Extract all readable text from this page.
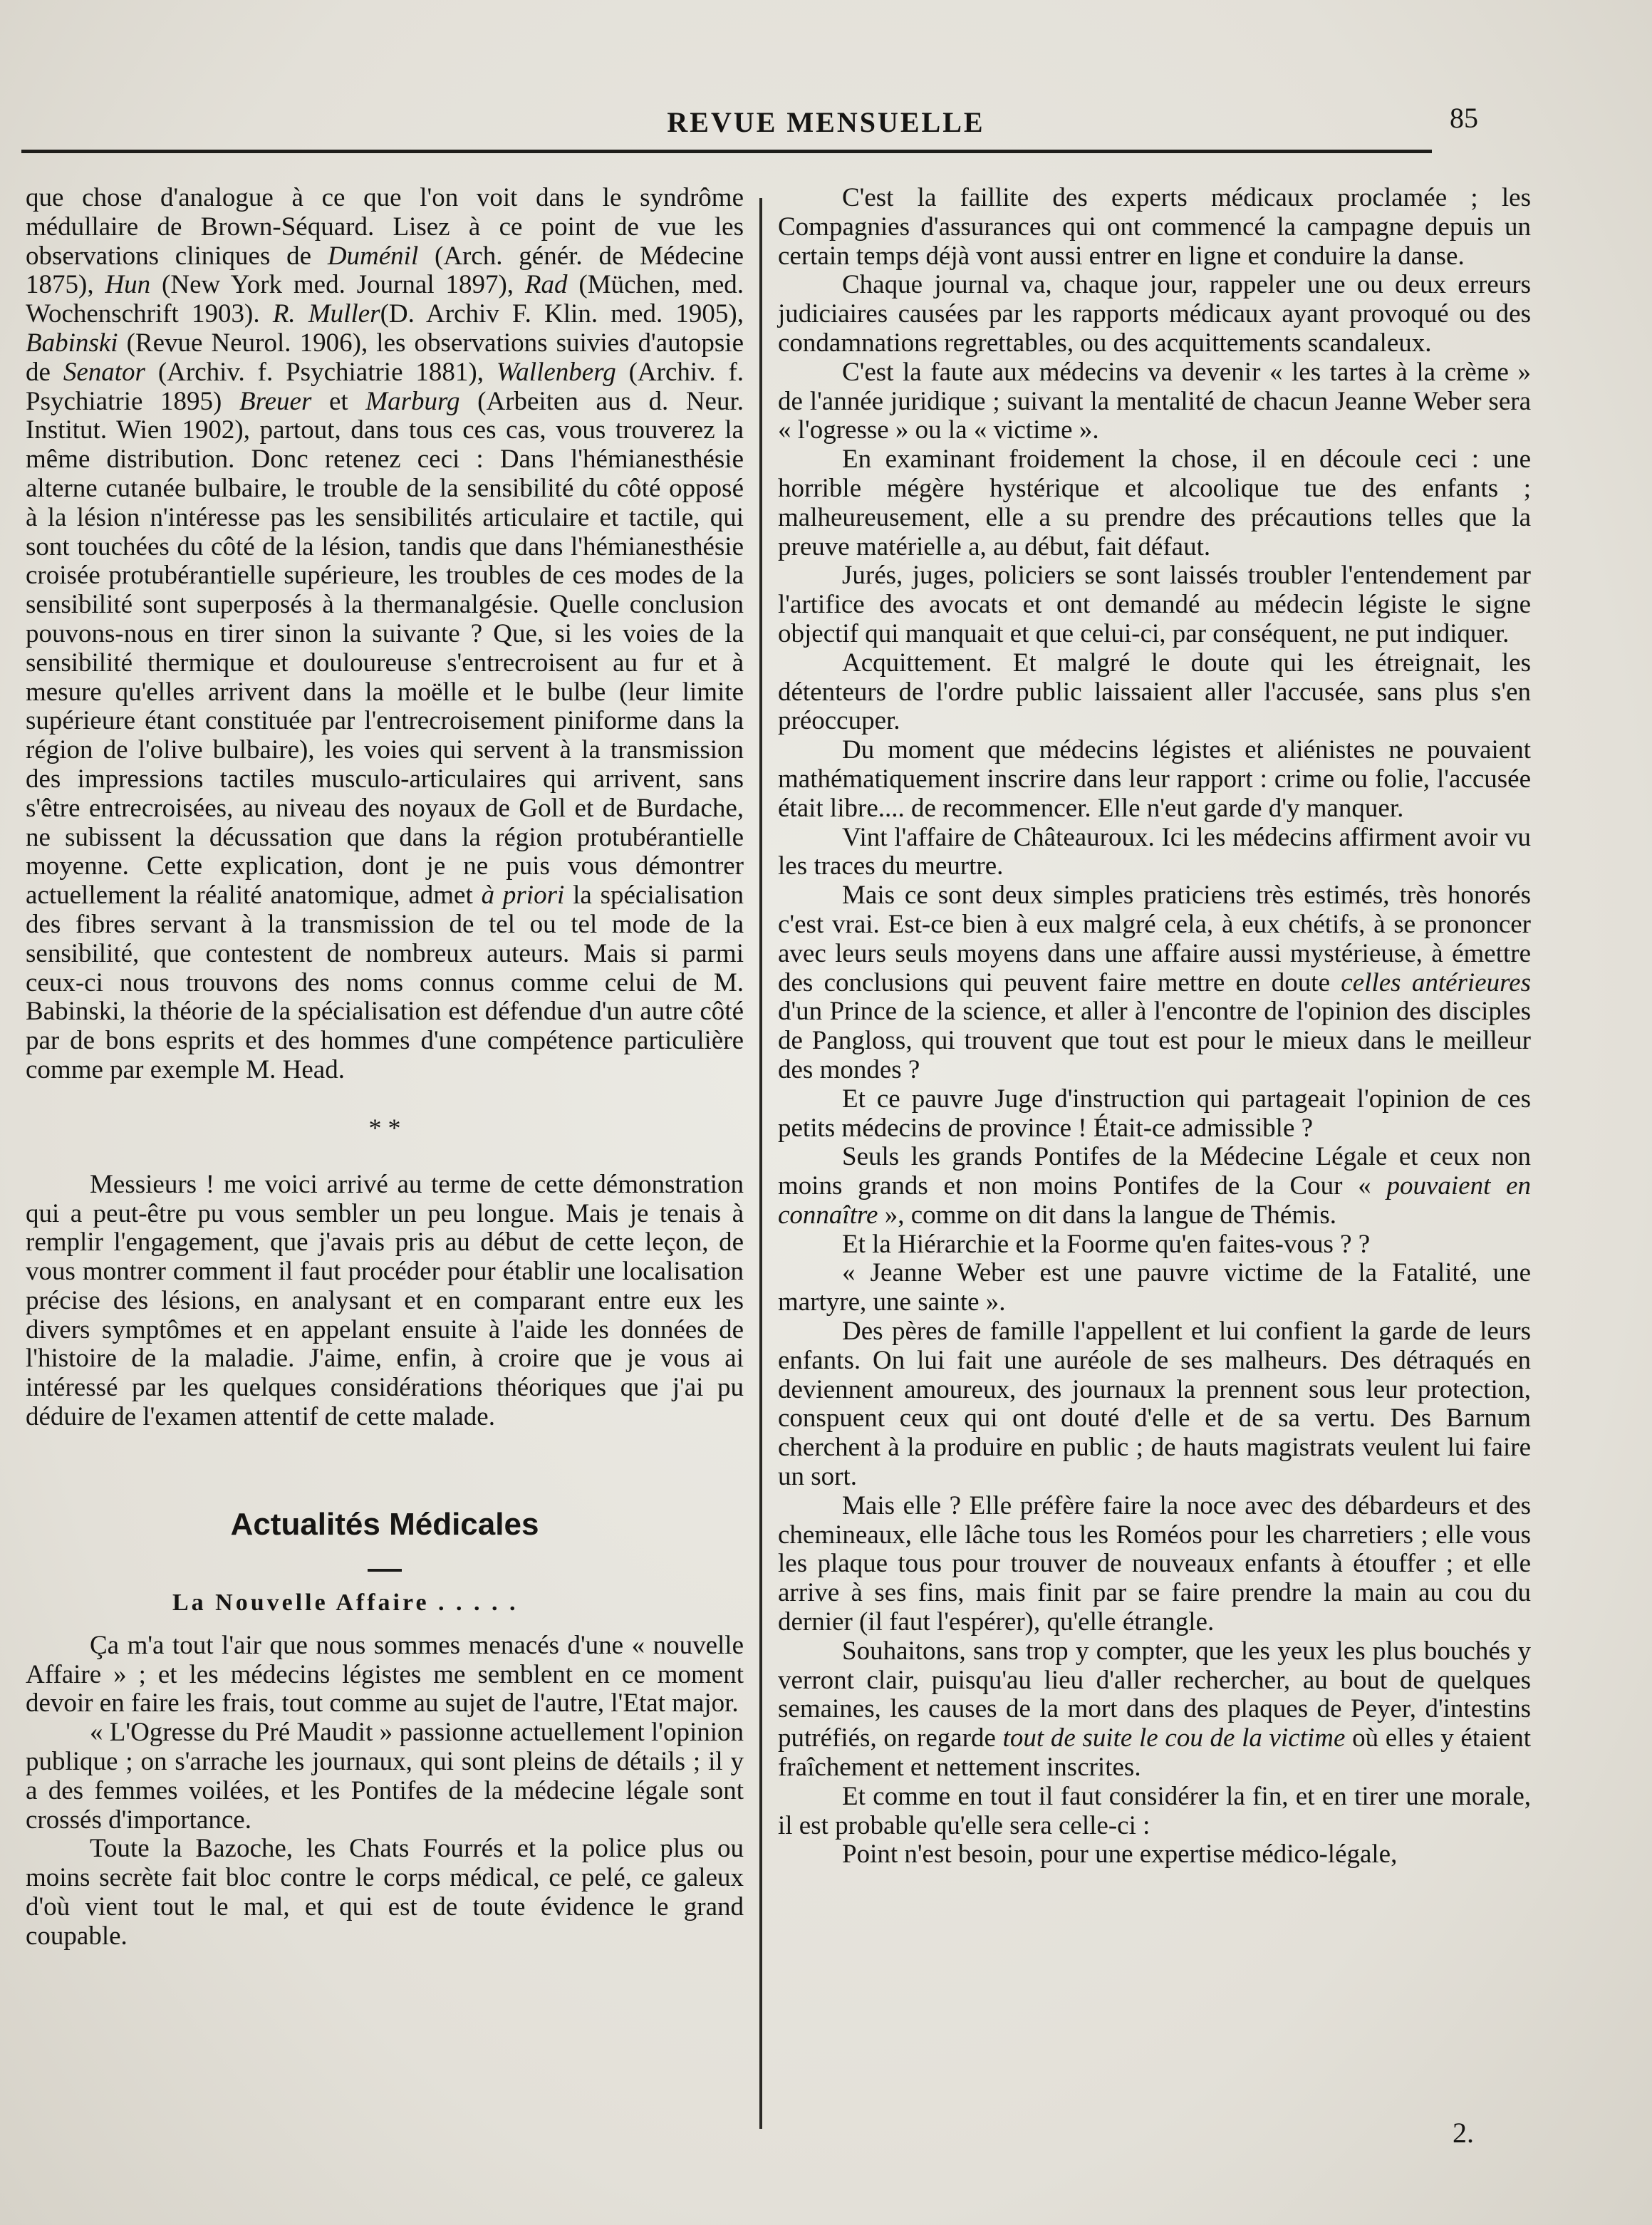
REVUE MENSUELLE	85

que chose d'analogue à ce que l'on voit dans le syndrôme médullaire de Brown-Séquard. Lisez à ce point de vue les observations cliniques de Duménil (Arch. génér. de Médecine 1875), Hun (New York med. Journal 1897), Rad (Müchen, med. Wochenschrift 1903). R. Muller(D. Archiv F. Klin. med. 1905), Babinski (Revue Neurol. 1906), les observations suivies d'autopsie de Senator (Archiv. f. Psychiatrie 1881), Wallenberg (Archiv. f. Psychiatrie 1895) Breuer et Marburg (Arbeiten aus d. Neur. Institut. Wien 1902), partout, dans tous ces cas, vous trouverez la même distribution. Donc retenez ceci : Dans l'hémianesthésie alterne cutanée bulbaire, le trouble de la sensibilité du côté opposé à la lésion n'intéresse pas les sensibilités articulaire et tactile, qui sont touchées du côté de la lésion, tandis que dans l'hémianesthésie croisée protubérantielle supérieure, les troubles de ces modes de la sensibilité sont superposés à la thermanalgésie. Quelle conclusion pouvons-nous en tirer sinon la suivante ? Que, si les voies de la sensibilité thermique et douloureuse s'entrecroisent au fur et à mesure qu'elles arrivent dans la moëlle et le bulbe (leur limite supérieure étant constituée par l'entrecroisement piniforme dans la région de l'olive bulbaire), les voies qui servent à la transmission des impressions tactiles musculo-articulaires qui arrivent, sans s'être entrecroisées, au niveau des noyaux de Goll et de Burdache, ne subissent la décussation que dans la région protubérantielle moyenne. Cette explication, dont je ne puis vous démontrer actuellement la réalité anatomique, admet à priori la spécialisation des fibres servant à la transmission de tel ou tel mode de la sensibilité, que contestent de nombreux auteurs. Mais si parmi ceux-ci nous trouvons des noms connus comme celui de M. Babinski, la théorie de la spécialisation est défendue d'un autre côté par de bons esprits et des hommes d'une compétence particulière comme par exemple M. Head.

* *

Messieurs ! me voici arrivé au terme de cette démonstration qui a peut-être pu vous sembler un peu longue. Mais je tenais à remplir l'engagement, que j'avais pris au début de cette leçon, de vous montrer comment il faut procéder pour établir une localisation précise des lésions, en analysant et en comparant entre eux les divers symptômes et en appelant ensuite à l'aide les données de l'histoire de la maladie. J'aime, enfin, à croire que je vous ai intéressé par les quelques considérations théoriques que j'ai pu déduire de l'examen attentif de cette malade.

Actualités Médicales
La Nouvelle Affaire . . . . .

Ça m'a tout l'air que nous sommes menacés d'une « nouvelle Affaire » ; et les médecins légistes me semblent en ce moment devoir en faire les frais, tout comme au sujet de l'autre, l'Etat major.

« L'Ogresse du Pré Maudit » passionne actuellement l'opinion publique ; on s'arrache les journaux, qui sont pleins de détails ; il y a des femmes voilées, et les Pontifes de la médecine légale sont crossés d'importance.

Toute la Bazoche, les Chats Fourrés et la police plus ou moins secrète fait bloc contre le corps médical, ce pelé, ce galeux d'où vient tout le mal, et qui est de toute évidence le grand coupable.

C'est la faillite des experts médicaux proclamée ; les Compagnies d'assurances qui ont commencé la campagne depuis un certain temps déjà vont aussi entrer en ligne et conduire la danse.

Chaque journal va, chaque jour, rappeler une ou deux erreurs judiciaires causées par les rapports médicaux ayant provoqué ou des condamnations regrettables, ou des acquittements scandaleux.

C'est la faute aux médecins va devenir « les tartes à la crème » de l'année juridique ; suivant la mentalité de chacun Jeanne Weber sera « l'ogresse » ou la « victime ».

En examinant froidement la chose, il en découle ceci : une horrible mégère hystérique et alcoolique tue des enfants ; malheureusement, elle a su prendre des précautions telles que la preuve matérielle a, au début, fait défaut.

Jurés, juges, policiers se sont laissés troubler l'entendement par l'artifice des avocats et ont demandé au médecin légiste le signe objectif qui manquait et que celui-ci, par conséquent, ne put indiquer.

Acquittement. Et malgré le doute qui les étreignait, les détenteurs de l'ordre public laissaient aller l'accusée, sans plus s'en préoccuper.

Du moment que médecins légistes et aliénistes ne pouvaient mathématiquement inscrire dans leur rapport : crime ou folie, l'accusée était libre.... de recommencer. Elle n'eut garde d'y manquer.

Vint l'affaire de Châteauroux. Ici les médecins affirment avoir vu les traces du meurtre.

Mais ce sont deux simples praticiens très estimés, très honorés c'est vrai. Est-ce bien à eux malgré cela, à eux chétifs, à se prononcer avec leurs seuls moyens dans une affaire aussi mystérieuse, à émettre des conclusions qui peuvent faire mettre en doute celles antérieures d'un Prince de la science, et aller à l'encontre de l'opinion des disciples de Pangloss, qui trouvent que tout est pour le mieux dans le meilleur des mondes ?

Et ce pauvre Juge d'instruction qui partageait l'opinion de ces petits médecins de province ! Était-ce admissible ?

Seuls les grands Pontifes de la Médecine Légale et ceux non moins grands et non moins Pontifes de la Cour « pouvaient en connaître », comme on dit dans la langue de Thémis.

Et la Hiérarchie et la Foorme qu'en faites-vous ? ?

« Jeanne Weber est une pauvre victime de la Fatalité, une martyre, une sainte ».

Des pères de famille l'appellent et lui confient la garde de leurs enfants. On lui fait une auréole de ses malheurs. Des détraqués en deviennent amoureux, des journaux la prennent sous leur protection, conspuent ceux qui ont douté d'elle et de sa vertu. Des Barnum cherchent à la produire en public ; de hauts magistrats veulent lui faire un sort.

Mais elle ? Elle préfère faire la noce avec des débardeurs et des chemineaux, elle lâche tous les Roméos pour les charretiers ; elle vous les plaque tous pour trouver de nouveaux enfants à étouffer ; et elle arrive à ses fins, mais finit par se faire prendre la main au cou du dernier (il faut l'espérer), qu'elle étrangle.

Souhaitons, sans trop y compter, que les yeux les plus bouchés y verront clair, puisqu'au lieu d'aller rechercher, au bout de quelques semaines, les causes de la mort dans des plaques de Peyer, d'intestins putréfiés, on regarde tout de suite le cou de la victime où elles y étaient fraîchement et nettement inscrites.

Et comme en tout il faut considérer la fin, et en tirer une morale, il est probable qu'elle sera celle-ci :

Point n'est besoin, pour une expertise médico-légale,

2.
